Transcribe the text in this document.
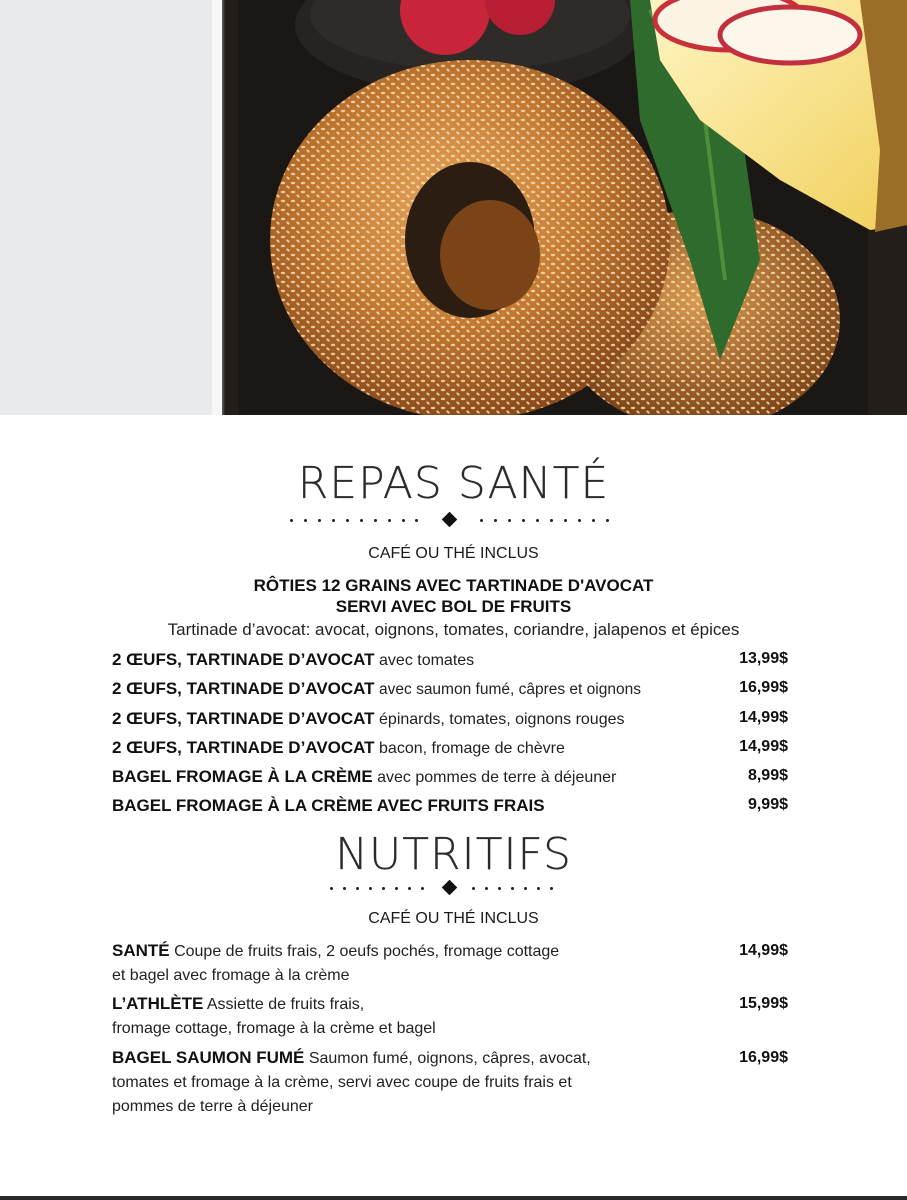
REPAS SANTÉ
CAFÉ OU THÉ INCLUS
RÔTIES 12 GRAINS AVEC TARTINADE D'AVOCAT
SERVI AVEC BOL DE FRUITS
Tartinade d’avocat: avocat, oignons, tomates, coriandre, jalapenos et épices
2 ŒUFS, TARTINADE D’AVOCAT avec tomates	13,99$
2 ŒUFS, TARTINADE D’AVOCAT avec saumon fumé, câpres et oignons	16,99$
2 ŒUFS, TARTINADE D’AVOCAT épinards, tomates, oignons rouges	14,99$
2 ŒUFS, TARTINADE D’AVOCAT bacon, fromage de chèvre	14,99$
BAGEL FROMAGE À LA CRÈME avec pommes de terre à déjeuner	8,99$
BAGEL FROMAGE À LA CRÈME AVEC FRUITS FRAIS	9,99$
NUTRITIFS
CAFÉ OU THÉ INCLUS
SANTÉ Coupe de fruits frais, 2 oeufs pochés, fromage cottage
et bagel avec fromage à la crème
14,99$
L’ATHLÈTE Assiette de fruits frais,
fromage cottage, fromage à la crème et bagel
15,99$
BAGEL SAUMON FUMÉ Saumon fumé, oignons, câpres, avocat,
tomates et fromage à la crème, servi avec coupe de fruits frais et
pommes de terre à déjeuner
16,99$
